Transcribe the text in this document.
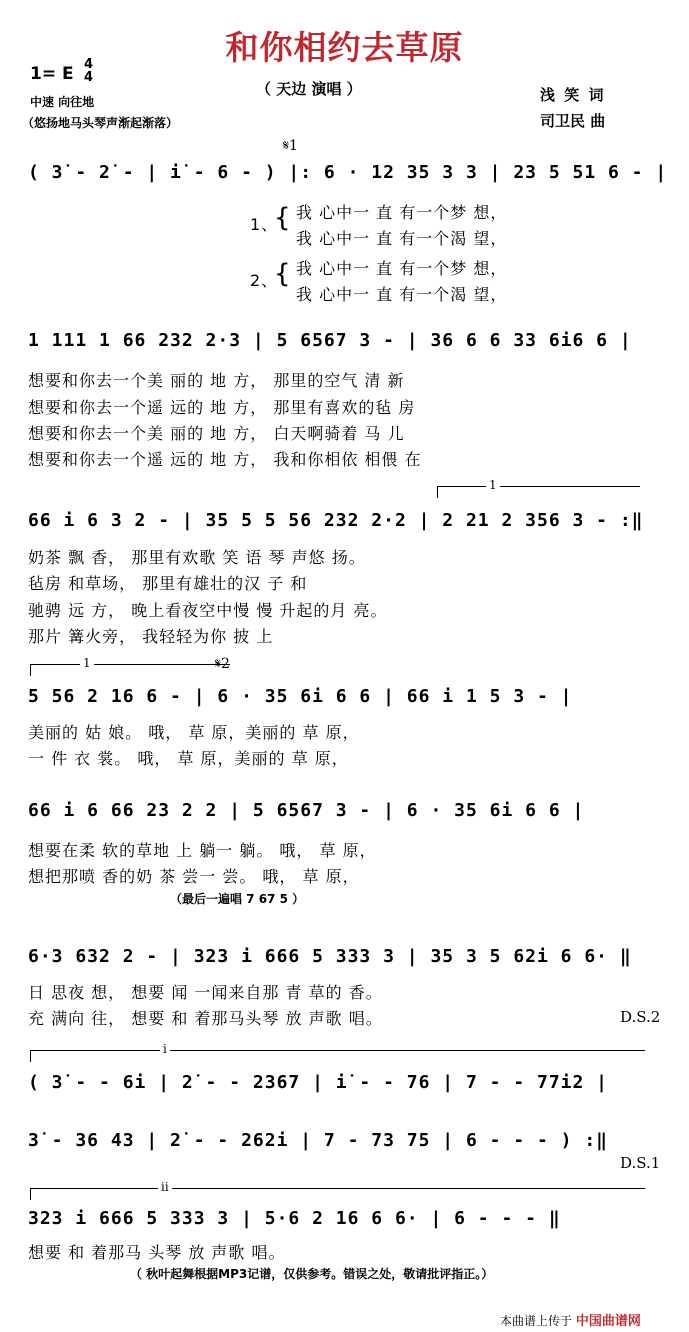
和你相约去草原
1= E 4
4
中速 向往地
（悠扬地马头琴声渐起渐落）
（ 天边 演唱 ）	浅 笑 词
司卫民 曲
𝄋1
( 3̇ - 2̇ - | i̇ - 6 - ) |: 6 · 12 35 3 3 | 23 5 51 6 - |
1、
2、
{
{
我 心中一 直 有一个梦 想，
我 心中一 直 有一个渴 望，
我 心中一 直 有一个梦 想，
我 心中一 直 有一个渴 望，
1 111 1 66 232 2·3 | 5 6567 3 - | 36 6 6 33 6i6 6 |
想要和你去一个美 丽的 地 方， 那里的空气 清 新
想要和你去一个遥 远的 地 方， 那里有喜欢的毡 房
想要和你去一个美 丽的 地 方， 白天啊骑着 马 儿
想要和你去一个遥 远的 地 方， 我和你相依 相偎 在
1
66 i 6 3 2 - | 35 5 5 56 232 2·2 | 2 21 2 356 3 - :‖
奶茶 飘 香， 那里有欢歌 笑 语 琴 声悠 扬。
毡房 和草场， 那里有雄壮的汉 子 和
驰骋 远 方， 晚上看夜空中慢 慢 升起的月 亮。
那片 篝火旁， 我轻轻为你 披 上
1	𝄋2
5 56 2 16 6 - | 6 · 35 6i 6 6 | 66 i 1 5 3 - |
美丽的 姑 娘。 哦， 草 原，美丽的 草 原，
一 件 衣 裳。 哦， 草 原，美丽的 草 原，
66 i 6 66 23 2 2 | 5 6567 3 - | 6 · 35 6i 6 6 |
想要在柔 软的草地 上 躺一 躺。 哦， 草 原，
想把那喷 香的奶 茶 尝一 尝。 哦， 草 原，
（最后一遍唱 7 67 5 ）
6·3 632 2 - | 323 i 666 5 333 3 | 35 3 5 62i 6 6· ‖
日 思夜 想， 想要 闻 一闻来自那 青 草的 香。
充 满向 往， 想要 和 着那马头琴 放 声歌 唱。	D.S.2
i
( 3̇ - - 6i | 2̇ - - 2367 | i̇ - - 76 | 7 - - 77i2 |
3̇ - 36 43 | 2̇ - - 262i | 7 - 73 75 | 6 - - - ) :‖
D.S.1
ii
323 i 666 5 333 3 | 5·6 2 16 6 6· | 6 - - - ‖
想要 和 着那马 头琴 放 声歌 唱。
（ 秋叶起舞根据MP3记谱，仅供参考。错误之处，敬请批评指正。）
本曲谱上传于 中国曲谱网
